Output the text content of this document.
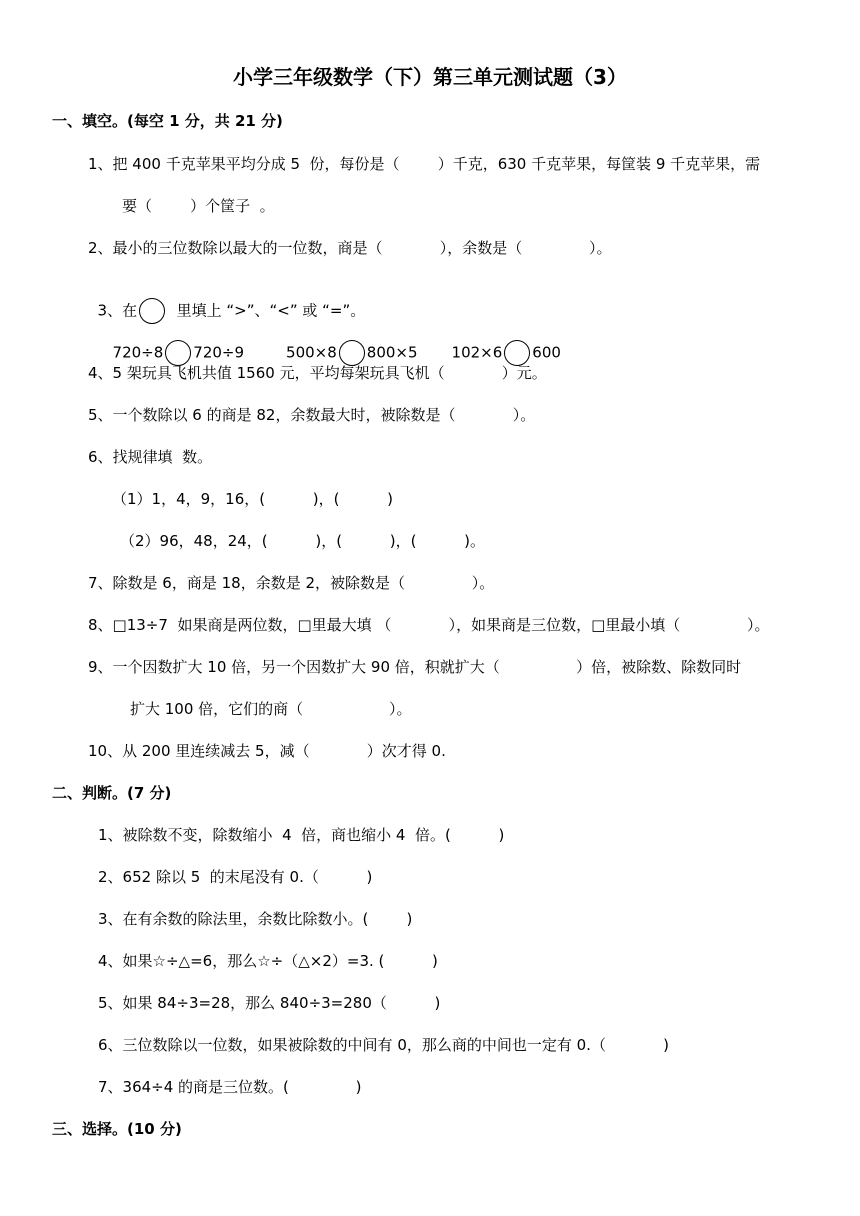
小学三年级数学（下）第三单元测试题（3）
一、填空。(每空 1 分，共 21 分)
1、把 400 千克苹果平均分成 5  份，每份是（        ）千克，630 千克苹果，每筐装 9 千克苹果，需
要（        ）个筐子  。
2、最小的三位数除以最大的一位数，商是（            ），余数是（              ）。

3、在  里填上 “>”、“<” 或 “=”。

720÷8 720÷9	500×8 800×5 102×6 600

4、5 架玩具飞机共值 1560 元，平均每架玩具飞机（            ）元。
5、一个数除以 6 的商是 82，余数最大时，被除数是（            ）。
6、找规律填  数。
（1）1，4，9，16，(          )，(          )
（2）96，48，24，(          )，(          )，(          )。
7、除数是 6，商是 18，余数是 2，被除数是（              ）。
8、□13÷7  如果商是两位数，□里最大填 （            ），如果商是三位数，□里最小填（              ）。
9、一个因数扩大 10 倍，另一个因数扩大 90 倍，积就扩大（                ）倍，被除数、除数同时
扩大 100 倍，它们的商（                  ）。
10、从 200 里连续减去 5，减（            ）次才得 0.
二、判断。(7 分)
1、被除数不变，除数缩小  4  倍，商也缩小 4  倍。(          )
2、652 除以 5  的末尾没有 0.（          )
3、在有余数的除法里，余数比除数小。(        )
4、如果☆÷△=6，那么☆÷（△×2）=3. (          )
5、如果 84÷3=28，那么 840÷3=280（          )
6、三位数除以一位数，如果被除数的中间有 0，那么商的中间也一定有 0.（            )
7、364÷4 的商是三位数。(              )
三、选择。(10 分)
